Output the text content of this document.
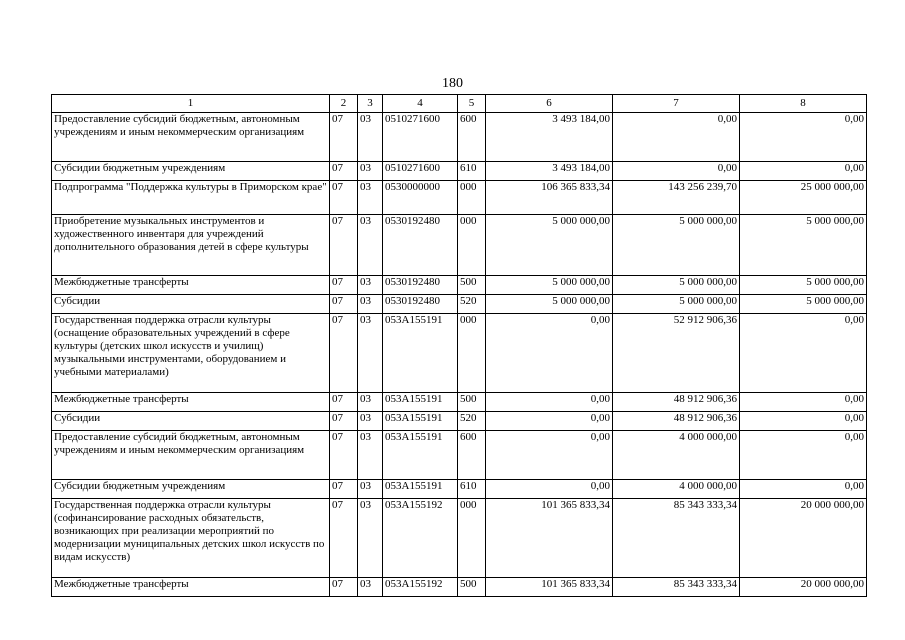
180
1	2	3	4	5	6	7	8
Предоставление субсидий бюджетным, автономным учреждениям и иным некоммерческим организациям	07	03	0510271600	600	3 493 184,00	0,00	0,00
Субсидии бюджетным учреждениям	07	03	0510271600	610	3 493 184,00	0,00	0,00
Подпрограмма "Поддержка культуры в Приморском крае"	07	03	0530000000	000	106 365 833,34	143 256 239,70	25 000 000,00
Приобретение музыкальных инструментов и художественного инвентаря для учреждений дополнительного образования детей в сфере культуры	07	03	0530192480	000	5 000 000,00	5 000 000,00	5 000 000,00
Межбюджетные трансферты	07	03	0530192480	500	5 000 000,00	5 000 000,00	5 000 000,00
Субсидии	07	03	0530192480	520	5 000 000,00	5 000 000,00	5 000 000,00
Государственная поддержка отрасли культуры (оснащение образовательных учреждений в сфере культуры (детских школ искусств и училищ) музыкальными инструментами, оборудованием и учебными материалами)	07	03	053A155191	000	0,00	52 912 906,36	0,00
Межбюджетные трансферты	07	03	053A155191	500	0,00	48 912 906,36	0,00
Субсидии	07	03	053A155191	520	0,00	48 912 906,36	0,00
Предоставление субсидий бюджетным, автономным учреждениям и иным некоммерческим организациям	07	03	053A155191	600	0,00	4 000 000,00	0,00
Субсидии бюджетным учреждениям	07	03	053A155191	610	0,00	4 000 000,00	0,00
Государственная поддержка отрасли культуры (софинансирование расходных обязательств, возникающих при реализации мероприятий по модернизации муниципальных детских школ искусств по видам искусств)	07	03	053A155192	000	101 365 833,34	85 343 333,34	20 000 000,00
Межбюджетные трансферты	07	03	053A155192	500	101 365 833,34	85 343 333,34	20 000 000,00
